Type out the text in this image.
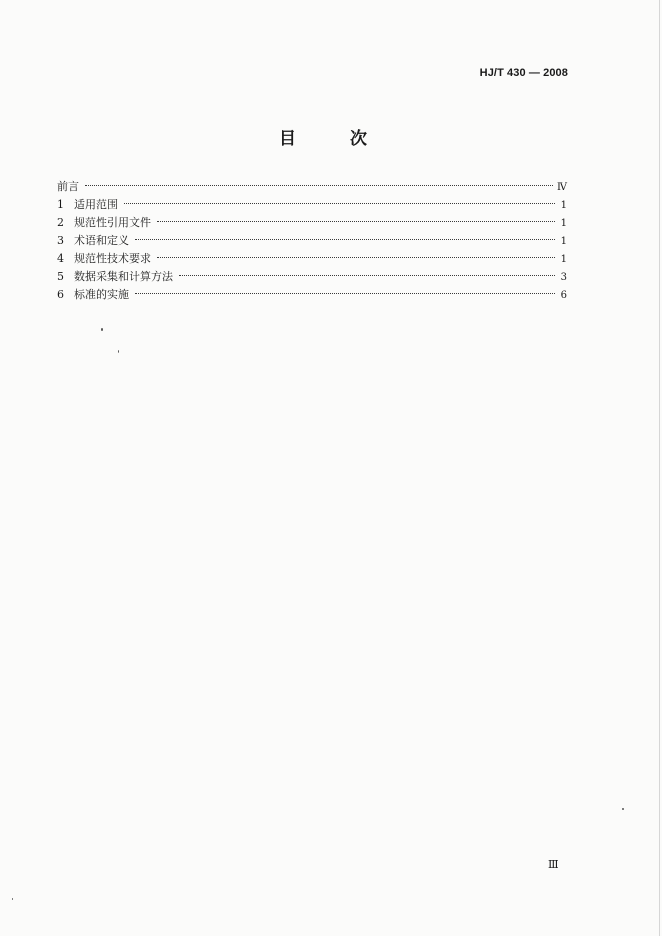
HJ/T 430 — 2008
目 次
前言	Ⅳ
1 适用范围	1
2 规范性引用文件	1
3 术语和定义	1
4 规范性技术要求	1
5 数据采集和计算方法	3
6 标准的实施	6
Ⅲ
